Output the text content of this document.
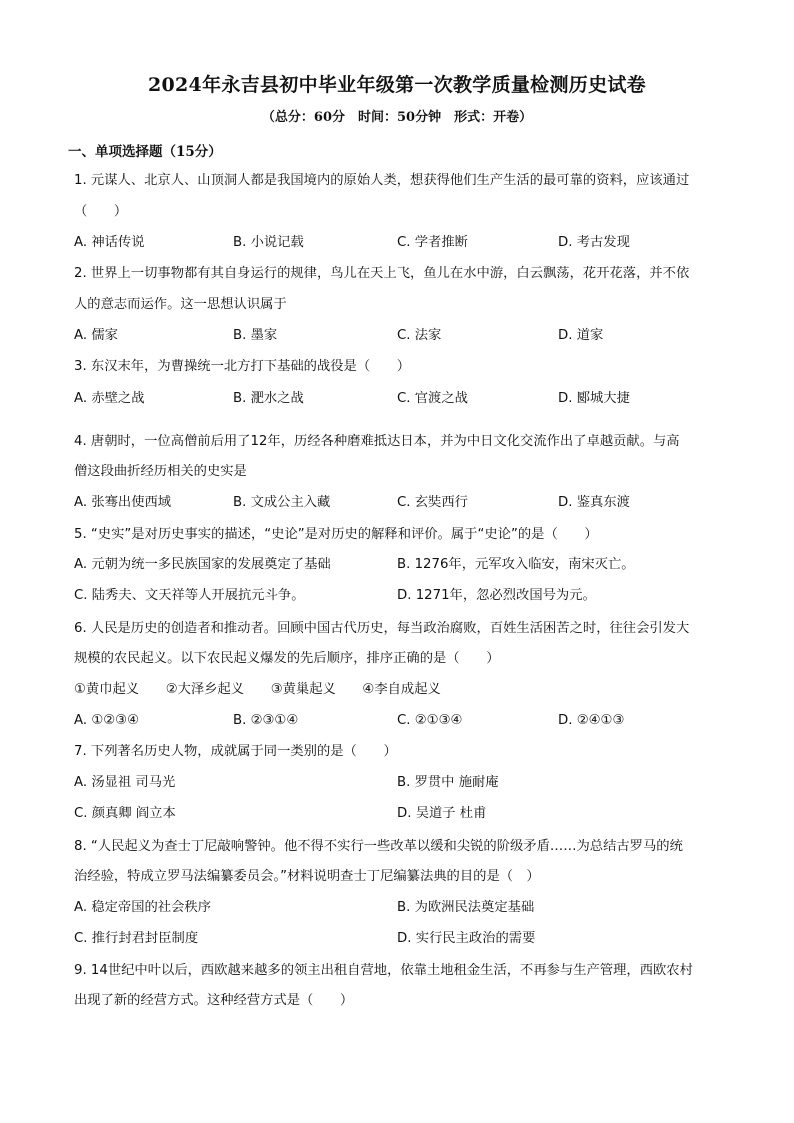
2024年永吉县初中毕业年级第一次教学质量检测历史试卷
（总分：60分　时间：50分钟　形式：开卷）
一、单项选择题（15分）
1. 元谋人、北京人、山顶洞人都是我国境内的原始人类，想获得他们生产生活的最可靠的资料，应该通过
（　　）
A. 神话传说	B. 小说记载	C. 学者推断	D. 考古发现
2. 世界上一切事物都有其自身运行的规律，鸟儿在天上飞，鱼儿在水中游，白云飘荡，花开花落，并不依
人的意志而运作。这一思想认识属于
A. 儒家	B. 墨家	C. 法家	D. 道家
3. 东汉末年，为曹操统一北方打下基础的战役是（　　）
A. 赤壁之战	B. 淝水之战	C. 官渡之战	D. 郾城大捷
4. 唐朝时，一位高僧前后用了12年，历经各种磨难抵达日本，并为中日文化交流作出了卓越贡献。与高
僧这段曲折经历相关的史实是
A. 张骞出使西域	B. 文成公主入藏	C. 玄奘西行	D. 鉴真东渡
5. “史实”是对历史事实的描述，“史论”是对历史的解释和评价。属于“史论”的是（　　）
A. 元朝为统一多民族国家的发展奠定了基础	B. 1276年，元军攻入临安，南宋灭亡。
C. 陆秀夫、文天祥等人开展抗元斗争。	D. 1271年，忽必烈改国号为元。
6. 人民是历史的创造者和推动者。回顾中国古代历史，每当政治腐败，百姓生活困苦之时，往往会引发大
规模的农民起义。以下农民起义爆发的先后顺序，排序正确的是（　　）
①黄巾起义　　②大泽乡起义　　③黄巢起义　　④李自成起义
A. ①②③④	B. ②③①④	C. ②①③④	D. ②④①③
7. 下列著名历史人物，成就属于同一类别的是（　　）
A. 汤显祖 司马光	B. 罗贯中 施耐庵
C. 颜真卿 阎立本	D. 吴道子 杜甫
8. “人民起义为查士丁尼敲响警钟。他不得不实行一些改革以缓和尖锐的阶级矛盾……为总结古罗马的统
治经验，特成立罗马法编纂委员会。”材料说明查士丁尼编纂法典的目的是（　）
A. 稳定帝国的社会秩序	B. 为欧洲民法奠定基础
C. 推行封君封臣制度	D. 实行民主政治的需要
9. 14世纪中叶以后，西欧越来越多的领主出租自营地，依靠土地租金生活，不再参与生产管理，西欧农村
出现了新的经营方式。这种经营方式是（　　）
